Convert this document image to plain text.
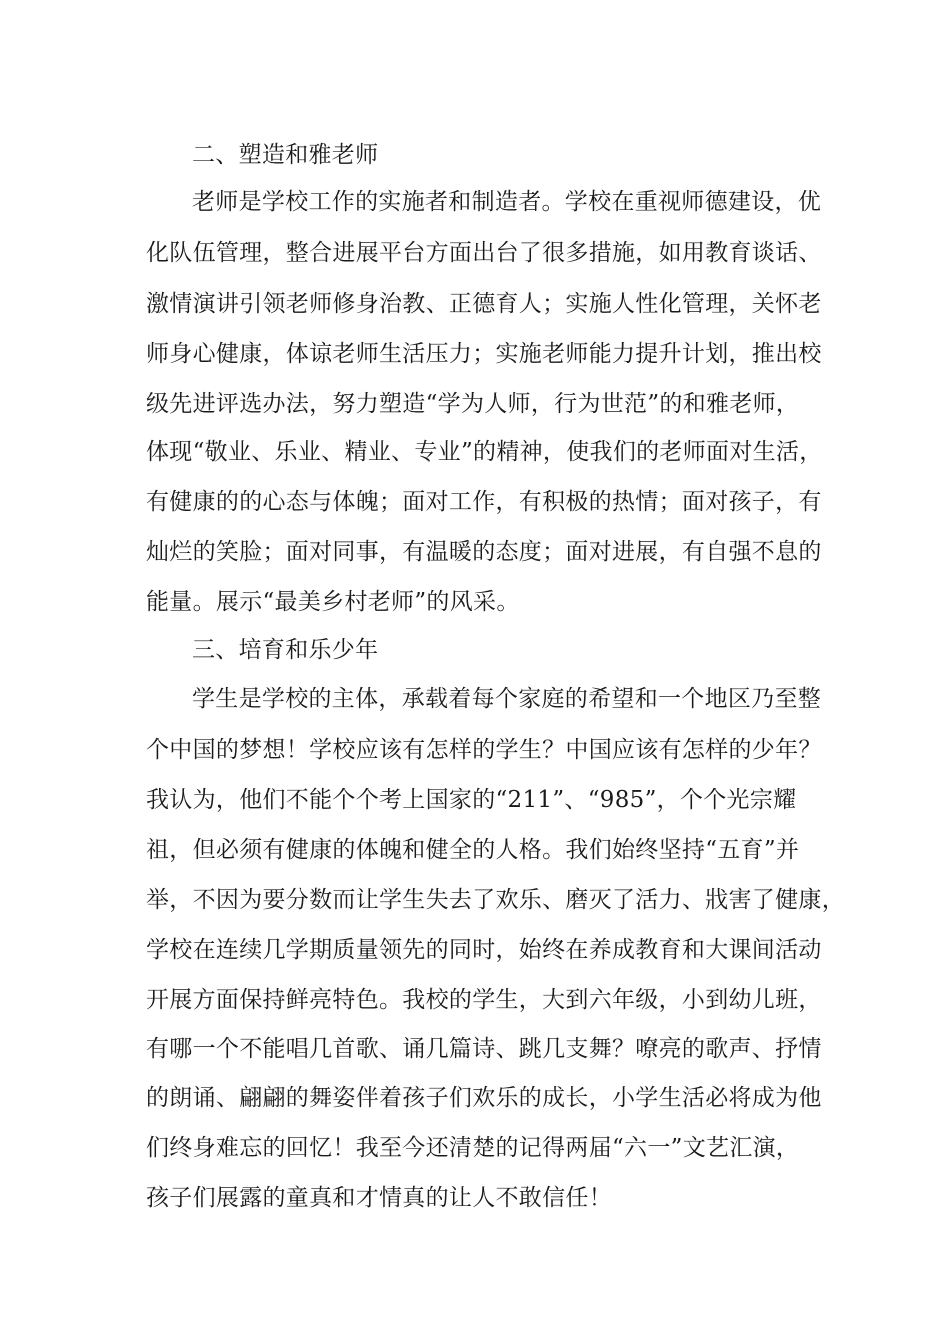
二、塑造和雅老师
老师是学校工作的实施者和制造者。学校在重视师德建设，优
化队伍管理，整合进展平台方面出台了很多措施，如用教育谈话、
激情演讲引领老师修身治教、正德育人；实施人性化管理，关怀老
师身心健康，体谅老师生活压力；实施老师能力提升计划，推出校
级先进评选办法，努力塑造“学为人师，行为世范”的和雅老师，
体现“敬业、乐业、精业、专业”的精神，使我们的老师面对生活，
有健康的的心态与体魄；面对工作，有积极的热情；面对孩子，有
灿烂的笑脸；面对同事，有温暖的态度；面对进展，有自强不息的
能量。展示“最美乡村老师”的风采。
三、培育和乐少年
学生是学校的主体，承载着每个家庭的希望和一个地区乃至整
个中国的梦想！学校应该有怎样的学生？中国应该有怎样的少年？
我认为，他们不能个个考上国家的“211”、“985”，个个光宗耀
祖，但必须有健康的体魄和健全的人格。我们始终坚持“五育”并
举，不因为要分数而让学生失去了欢乐、磨灭了活力、戕害了健康，
学校在连续几学期质量领先的同时，始终在养成教育和大课间活动
开展方面保持鲜亮特色。我校的学生，大到六年级，小到幼儿班，
有哪一个不能唱几首歌、诵几篇诗、跳几支舞？嘹亮的歌声、抒情
的朗诵、翩翩的舞姿伴着孩子们欢乐的成长，小学生活必将成为他
们终身难忘的回忆！我至今还清楚的记得两届“六一”文艺汇演，
孩子们展露的童真和才情真的让人不敢信任！
